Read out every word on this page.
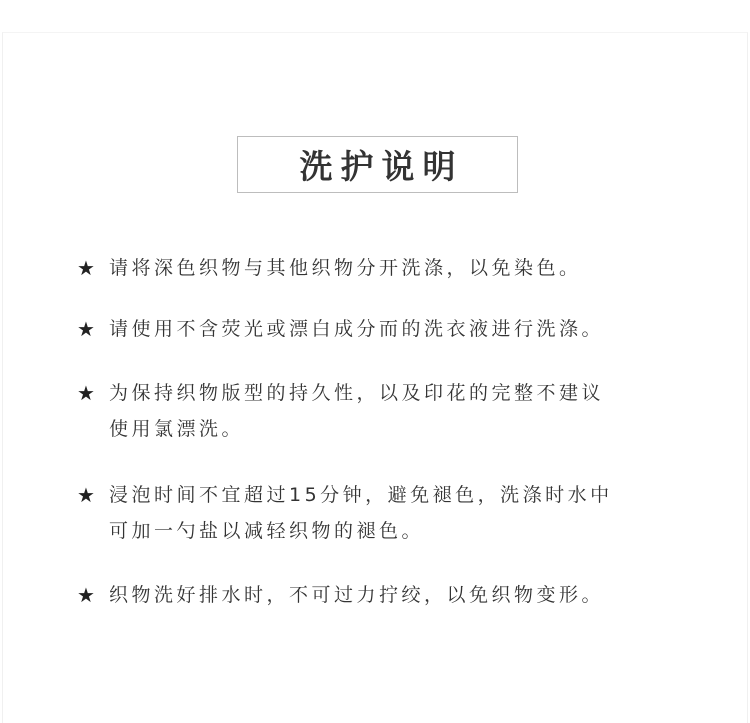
洗护说明
★ 请将深色织物与其他织物分开洗涤，以免染色。
★ 请使用不含荧光或漂白成分而的洗衣液进行洗涤。
★ 为保持织物版型的持久性，以及印花的完整不建议
使用氯漂洗。
★ 浸泡时间不宜超过15分钟，避免褪色，洗涤时水中
可加一勺盐以减轻织物的褪色。
★ 织物洗好排水时，不可过力拧绞，以免织物变形。
